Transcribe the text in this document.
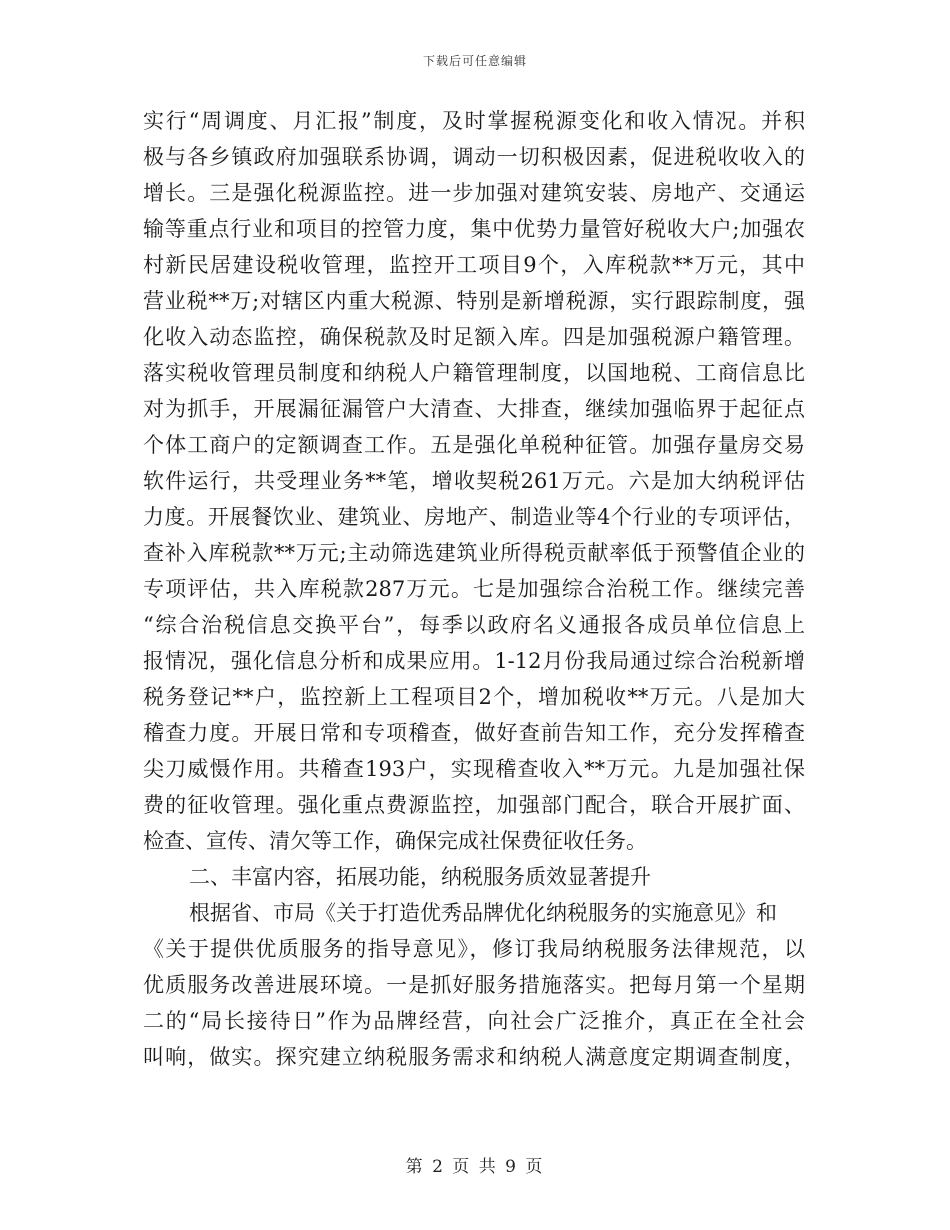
下载后可任意编辑
实行“周调度、月汇报”制度，及时掌握税源变化和收入情况。并积
极与各乡镇政府加强联系协调，调动一切积极因素，促进税收收入的
增长。三是强化税源监控。进一步加强对建筑安装、房地产、交通运
输等重点行业和项目的控管力度，集中优势力量管好税收大户;加强农
村新民居建设税收管理，监控开工项目9个，入库税款**万元，其中
营业税**万;对辖区内重大税源、特别是新增税源，实行跟踪制度，强
化收入动态监控，确保税款及时足额入库。四是加强税源户籍管理。
落实税收管理员制度和纳税人户籍管理制度，以国地税、工商信息比
对为抓手，开展漏征漏管户大清查、大排查，继续加强临界于起征点
个体工商户的定额调查工作。五是强化单税种征管。加强存量房交易
软件运行，共受理业务**笔，增收契税261万元。六是加大纳税评估
力度。开展餐饮业、建筑业、房地产、制造业等4个行业的专项评估，
查补入库税款**万元;主动筛选建筑业所得税贡献率低于预警值企业的
专项评估，共入库税款287万元。七是加强综合治税工作。继续完善
“综合治税信息交换平台”，每季以政府名义通报各成员单位信息上
报情况，强化信息分析和成果应用。1-12月份我局通过综合治税新增
税务登记**户，监控新上工程项目2个，增加税收**万元。八是加大
稽查力度。开展日常和专项稽查，做好查前告知工作，充分发挥稽查
尖刀威慑作用。共稽查193户，实现稽查收入**万元。九是加强社保
费的征收管理。强化重点费源监控，加强部门配合，联合开展扩面、
检查、宣传、清欠等工作，确保完成社保费征收任务。
二、丰富内容，拓展功能，纳税服务质效显著提升
根据省、市局《关于打造优秀品牌优化纳税服务的实施意见》和
《关于提供优质服务的指导意见》，修订我局纳税服务法律规范，以
优质服务改善进展环境。一是抓好服务措施落实。把每月第一个星期
二的“局长接待日”作为品牌经营，向社会广泛推介，真正在全社会
叫响，做实。探究建立纳税服务需求和纳税人满意度定期调查制度，
第 2 页 共 9 页
